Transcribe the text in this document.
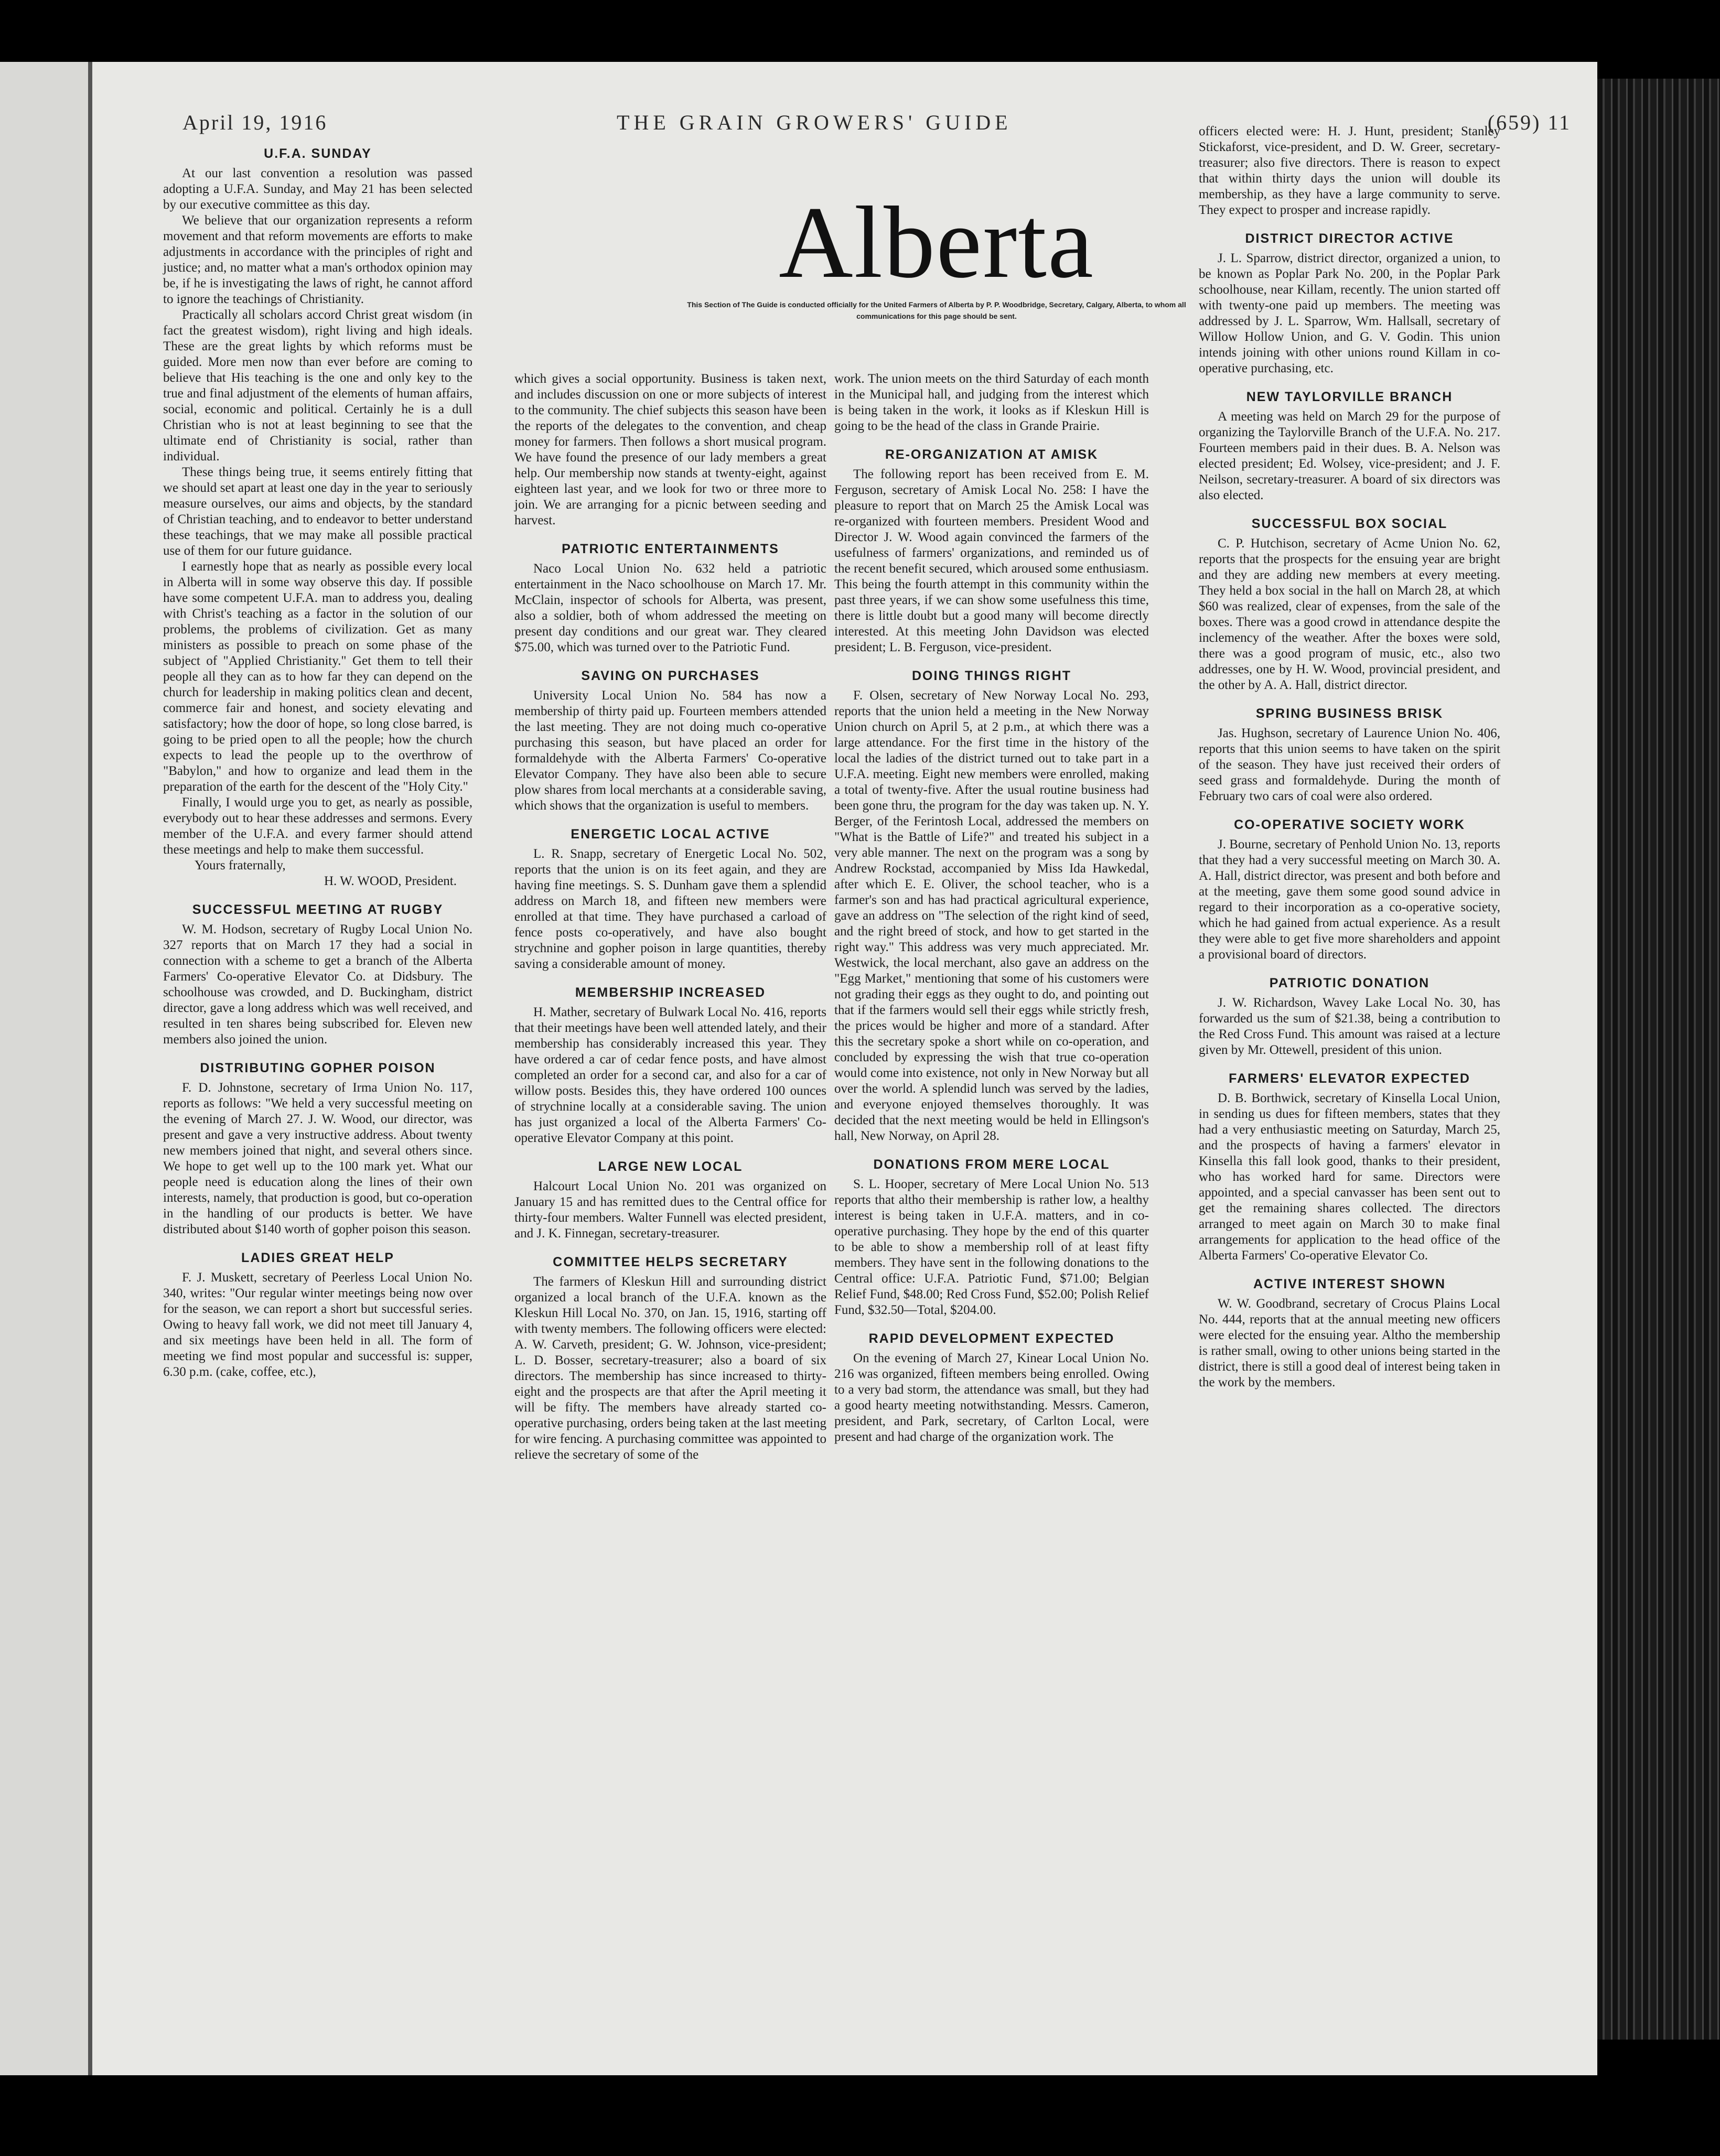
April 19, 1916	THE GRAIN GROWERS' GUIDE	(659) 11
Alberta
This Section of The Guide is conducted officially for the United Farmers of Alberta by P. P. Woodbridge, Secretary, Calgary, Alberta, to whom all communications for this page should be sent.
U.F.A. SUNDAY

At our last convention a resolution was passed adopting a U.F.A. Sunday, and May 21 has been selected by our executive committee as this day.

We believe that our organization represents a reform movement and that reform movements are efforts to make adjustments in accordance with the principles of right and justice; and, no matter what a man's orthodox opinion may be, if he is investigating the laws of right, he cannot afford to ignore the teachings of Christianity.

Practically all scholars accord Christ great wisdom (in fact the greatest wisdom), right living and high ideals. These are the great lights by which reforms must be guided. More men now than ever before are coming to believe that His teaching is the one and only key to the true and final adjustment of the elements of human affairs, social, economic and political. Certainly he is a dull Christian who is not at least beginning to see that the ultimate end of Christianity is social, rather than individual.

These things being true, it seems entirely fitting that we should set apart at least one day in the year to seriously measure ourselves, our aims and objects, by the standard of Christian teaching, and to endeavor to better understand these teachings, that we may make all possible practical use of them for our future guidance.

I earnestly hope that as nearly as possible every local in Alberta will in some way observe this day. If possible have some competent U.F.A. man to address you, dealing with Christ's teaching as a factor in the solution of our problems, the problems of civilization. Get as many ministers as possible to preach on some phase of the subject of "Applied Christianity." Get them to tell their people all they can as to how far they can depend on the church for leadership in making politics clean and decent, commerce fair and honest, and society elevating and satisfactory; how the door of hope, so long close barred, is going to be pried open to all the people; how the church expects to lead the people up to the overthrow of "Babylon," and how to organize and lead them in the preparation of the earth for the descent of the "Holy City."

Finally, I would urge you to get, as nearly as possible, everybody out to hear these addresses and sermons. Every member of the U.F.A. and every farmer should attend these meetings and help to make them successful.

Yours fraternally,

H. W. WOOD, President.

SUCCESSFUL MEETING AT RUGBY

W. M. Hodson, secretary of Rugby Local Union No. 327 reports that on March 17 they had a social in connection with a scheme to get a branch of the Alberta Farmers' Co-operative Elevator Co. at Didsbury. The schoolhouse was crowded, and D. Buckingham, district director, gave a long address which was well received, and resulted in ten shares being subscribed for. Eleven new members also joined the union.

DISTRIBUTING GOPHER POISON

F. D. Johnstone, secretary of Irma Union No. 117, reports as follows: "We held a very successful meeting on the evening of March 27. J. W. Wood, our director, was present and gave a very instructive address. About twenty new members joined that night, and several others since. We hope to get well up to the 100 mark yet. What our people need is education along the lines of their own interests, namely, that production is good, but co-operation in the handling of our products is better. We have distributed about $140 worth of gopher poison this season.

LADIES GREAT HELP

F. J. Muskett, secretary of Peerless Local Union No. 340, writes: "Our regular winter meetings being now over for the season, we can report a short but successful series. Owing to heavy fall work, we did not meet till January 4, and six meetings have been held in all. The form of meeting we find most popular and successful is: supper, 6.30 p.m. (cake, coffee, etc.),

which gives a social opportunity. Business is taken next, and includes discussion on one or more subjects of interest to the community. The chief subjects this season have been the reports of the delegates to the convention, and cheap money for farmers. Then follows a short musical program. We have found the presence of our lady members a great help. Our membership now stands at twenty-eight, against eighteen last year, and we look for two or three more to join. We are arranging for a picnic between seeding and harvest.

PATRIOTIC ENTERTAINMENTS

Naco Local Union No. 632 held a patriotic entertainment in the Naco schoolhouse on March 17. Mr. McClain, inspector of schools for Alberta, was present, also a soldier, both of whom addressed the meeting on present day conditions and our great war. They cleared $75.00, which was turned over to the Patriotic Fund.

SAVING ON PURCHASES

University Local Union No. 584 has now a membership of thirty paid up. Fourteen members attended the last meeting. They are not doing much co-operative purchasing this season, but have placed an order for formaldehyde with the Alberta Farmers' Co-operative Elevator Company. They have also been able to secure plow shares from local merchants at a considerable saving, which shows that the organization is useful to members.

ENERGETIC LOCAL ACTIVE

L. R. Snapp, secretary of Energetic Local No. 502, reports that the union is on its feet again, and they are having fine meetings. S. S. Dunham gave them a splendid address on March 18, and fifteen new members were enrolled at that time. They have purchased a carload of fence posts co-operatively, and have also bought strychnine and gopher poison in large quantities, thereby saving a considerable amount of money.

MEMBERSHIP INCREASED

H. Mather, secretary of Bulwark Local No. 416, reports that their meetings have been well attended lately, and their membership has considerably increased this year. They have ordered a car of cedar fence posts, and have almost completed an order for a second car, and also for a car of willow posts. Besides this, they have ordered 100 ounces of strychnine locally at a considerable saving. The union has just organized a local of the Alberta Farmers' Co-operative Elevator Company at this point.

LARGE NEW LOCAL

Halcourt Local Union No. 201 was organized on January 15 and has remitted dues to the Central office for thirty-four members. Walter Funnell was elected president, and J. K. Finnegan, secretary-treasurer.

COMMITTEE HELPS SECRETARY

The farmers of Kleskun Hill and surrounding district organized a local branch of the U.F.A. known as the Kleskun Hill Local No. 370, on Jan. 15, 1916, starting off with twenty members. The following officers were elected: A. W. Carveth, president; G. W. Johnson, vice-president; L. D. Bosser, secretary-treasurer; also a board of six directors. The membership has since increased to thirty-eight and the prospects are that after the April meeting it will be fifty. The members have already started co-operative purchasing, orders being taken at the last meeting for wire fencing. A purchasing committee was appointed to relieve the secretary of some of the

work. The union meets on the third Saturday of each month in the Municipal hall, and judging from the interest which is being taken in the work, it looks as if Kleskun Hill is going to be the head of the class in Grande Prairie.

RE-ORGANIZATION AT AMISK

The following report has been received from E. M. Ferguson, secretary of Amisk Local No. 258: I have the pleasure to report that on March 25 the Amisk Local was re-organized with fourteen members. President Wood and Director J. W. Wood again convinced the farmers of the usefulness of farmers' organizations, and reminded us of the recent benefit secured, which aroused some enthusiasm. This being the fourth attempt in this community within the past three years, if we can show some usefulness this time, there is little doubt but a good many will become directly interested. At this meeting John Davidson was elected president; L. B. Ferguson, vice-president.

DOING THINGS RIGHT

F. Olsen, secretary of New Norway Local No. 293, reports that the union held a meeting in the New Norway Union church on April 5, at 2 p.m., at which there was a large attendance. For the first time in the history of the local the ladies of the district turned out to take part in a U.F.A. meeting. Eight new members were enrolled, making a total of twenty-five. After the usual routine business had been gone thru, the program for the day was taken up. N. Y. Berger, of the Ferintosh Local, addressed the members on "What is the Battle of Life?" and treated his subject in a very able manner. The next on the program was a song by Andrew Rockstad, accompanied by Miss Ida Hawkedal, after which E. E. Oliver, the school teacher, who is a farmer's son and has had practical agricultural experience, gave an address on "The selection of the right kind of seed, and the right breed of stock, and how to get started in the right way." This address was very much appreciated. Mr. Westwick, the local merchant, also gave an address on the "Egg Market," mentioning that some of his customers were not grading their eggs as they ought to do, and pointing out that if the farmers would sell their eggs while strictly fresh, the prices would be higher and more of a standard. After this the secretary spoke a short while on co-operation, and concluded by expressing the wish that true co-operation would come into existence, not only in New Norway but all over the world. A splendid lunch was served by the ladies, and everyone enjoyed themselves thoroughly. It was decided that the next meeting would be held in Ellingson's hall, New Norway, on April 28.

DONATIONS FROM MERE LOCAL

S. L. Hooper, secretary of Mere Local Union No. 513 reports that altho their membership is rather low, a healthy interest is being taken in U.F.A. matters, and in co-operative purchasing. They hope by the end of this quarter to be able to show a membership roll of at least fifty members. They have sent in the following donations to the Central office: U.F.A. Patriotic Fund, $71.00; Belgian Relief Fund, $48.00; Red Cross Fund, $52.00; Polish Relief Fund, $32.50—Total, $204.00.

RAPID DEVELOPMENT EXPECTED

On the evening of March 27, Kinear Local Union No. 216 was organized, fifteen members being enrolled. Owing to a very bad storm, the attendance was small, but they had a good hearty meeting notwithstanding. Messrs. Cameron, president, and Park, secretary, of Carlton Local, were present and had charge of the organization work. The

officers elected were: H. J. Hunt, president; Stanley Stickaforst, vice-president, and D. W. Greer, secretary-treasurer; also five directors. There is reason to expect that within thirty days the union will double its membership, as they have a large community to serve. They expect to prosper and increase rapidly.

DISTRICT DIRECTOR ACTIVE

J. L. Sparrow, district director, organized a union, to be known as Poplar Park No. 200, in the Poplar Park schoolhouse, near Killam, recently. The union started off with twenty-one paid up members. The meeting was addressed by J. L. Sparrow, Wm. Hallsall, secretary of Willow Hollow Union, and G. V. Godin. This union intends joining with other unions round Killam in co-operative purchasing, etc.

NEW TAYLORVILLE BRANCH

A meeting was held on March 29 for the purpose of organizing the Taylorville Branch of the U.F.A. No. 217. Fourteen members paid in their dues. B. A. Nelson was elected president; Ed. Wolsey, vice-president; and J. F. Neilson, secretary-treasurer. A board of six directors was also elected.

SUCCESSFUL BOX SOCIAL

C. P. Hutchison, secretary of Acme Union No. 62, reports that the prospects for the ensuing year are bright and they are adding new members at every meeting. They held a box social in the hall on March 28, at which $60 was realized, clear of expenses, from the sale of the boxes. There was a good crowd in attendance despite the inclemency of the weather. After the boxes were sold, there was a good program of music, etc., also two addresses, one by H. W. Wood, provincial president, and the other by A. A. Hall, district director.

SPRING BUSINESS BRISK

Jas. Hughson, secretary of Laurence Union No. 406, reports that this union seems to have taken on the spirit of the season. They have just received their orders of seed grass and formaldehyde. During the month of February two cars of coal were also ordered.

CO-OPERATIVE SOCIETY WORK

J. Bourne, secretary of Penhold Union No. 13, reports that they had a very successful meeting on March 30. A. A. Hall, district director, was present and both before and at the meeting, gave them some good sound advice in regard to their incorporation as a co-operative society, which he had gained from actual experience. As a result they were able to get five more shareholders and appoint a provisional board of directors.

PATRIOTIC DONATION

J. W. Richardson, Wavey Lake Local No. 30, has forwarded us the sum of $21.38, being a contribution to the Red Cross Fund. This amount was raised at a lecture given by Mr. Ottewell, president of this union.

FARMERS' ELEVATOR EXPECTED

D. B. Borthwick, secretary of Kinsella Local Union, in sending us dues for fifteen members, states that they had a very enthusiastic meeting on Saturday, March 25, and the prospects of having a farmers' elevator in Kinsella this fall look good, thanks to their president, who has worked hard for same. Directors were appointed, and a special canvasser has been sent out to get the remaining shares collected. The directors arranged to meet again on March 30 to make final arrangements for application to the head office of the Alberta Farmers' Co-operative Elevator Co.

ACTIVE INTEREST SHOWN

W. W. Goodbrand, secretary of Crocus Plains Local No. 444, reports that at the annual meeting new officers were elected for the ensuing year. Altho the membership is rather small, owing to other unions being started in the district, there is still a good deal of interest being taken in the work by the members.
